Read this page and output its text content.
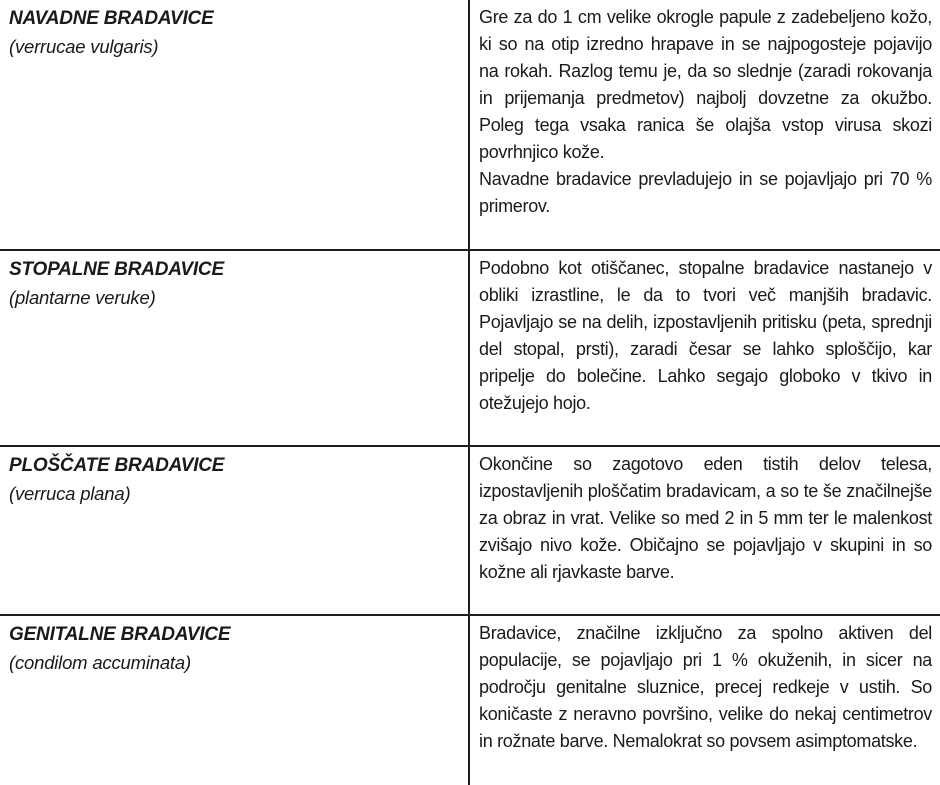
NAVADNE BRADAVICE
(verrucae vulgaris)

Gre za do 1 cm velike okrogle papule z zadebeljeno kožo, ki so na otip izredno hrapave in se najpogosteje pojavijo na rokah. Razlog temu je, da so slednje (zaradi rokovanja in prijemanja predmetov) najbolj dovzetne za okužbo. Poleg tega vsaka ranica še olajša vstop virusa skozi povrhnjico kože.

Navadne bradavice prevladujejo in se pojavljajo pri 70 % primerov.

STOPALNE BRADAVICE
(plantarne veruke)

Podobno kot otiščanec, stopalne bradavice nastanejo v obliki izrastline, le da to tvori več manjših bradavic. Pojavljajo se na delih, izpostavljenih pritisku (peta, sprednji del stopal, prsti), zaradi česar se lahko sploščijo, kar pripelje do bolečine. Lahko segajo globoko v tkivo in otežujejo hojo.

PLOŠČATE BRADAVICE
(verruca plana)

Okončine so zagotovo eden tistih delov telesa, izpostavljenih ploščatim bradavicam, a so te še značilnejše za obraz in vrat. Velike so med 2 in 5 mm ter le malenkost zvišajo nivo kože. Običajno se pojavljajo v skupini in so kožne ali rjavkaste barve.

GENITALNE BRADAVICE
(condilom accuminata)

Bradavice, značilne izključno za spolno aktiven del populacije, se pojavljajo pri 1 % okuženih, in sicer na področju genitalne sluznice, precej redkeje v ustih. So koničaste z neravno površino, velike do nekaj centimetrov in rožnate barve. Nemalokrat so povsem asimptomatske.
